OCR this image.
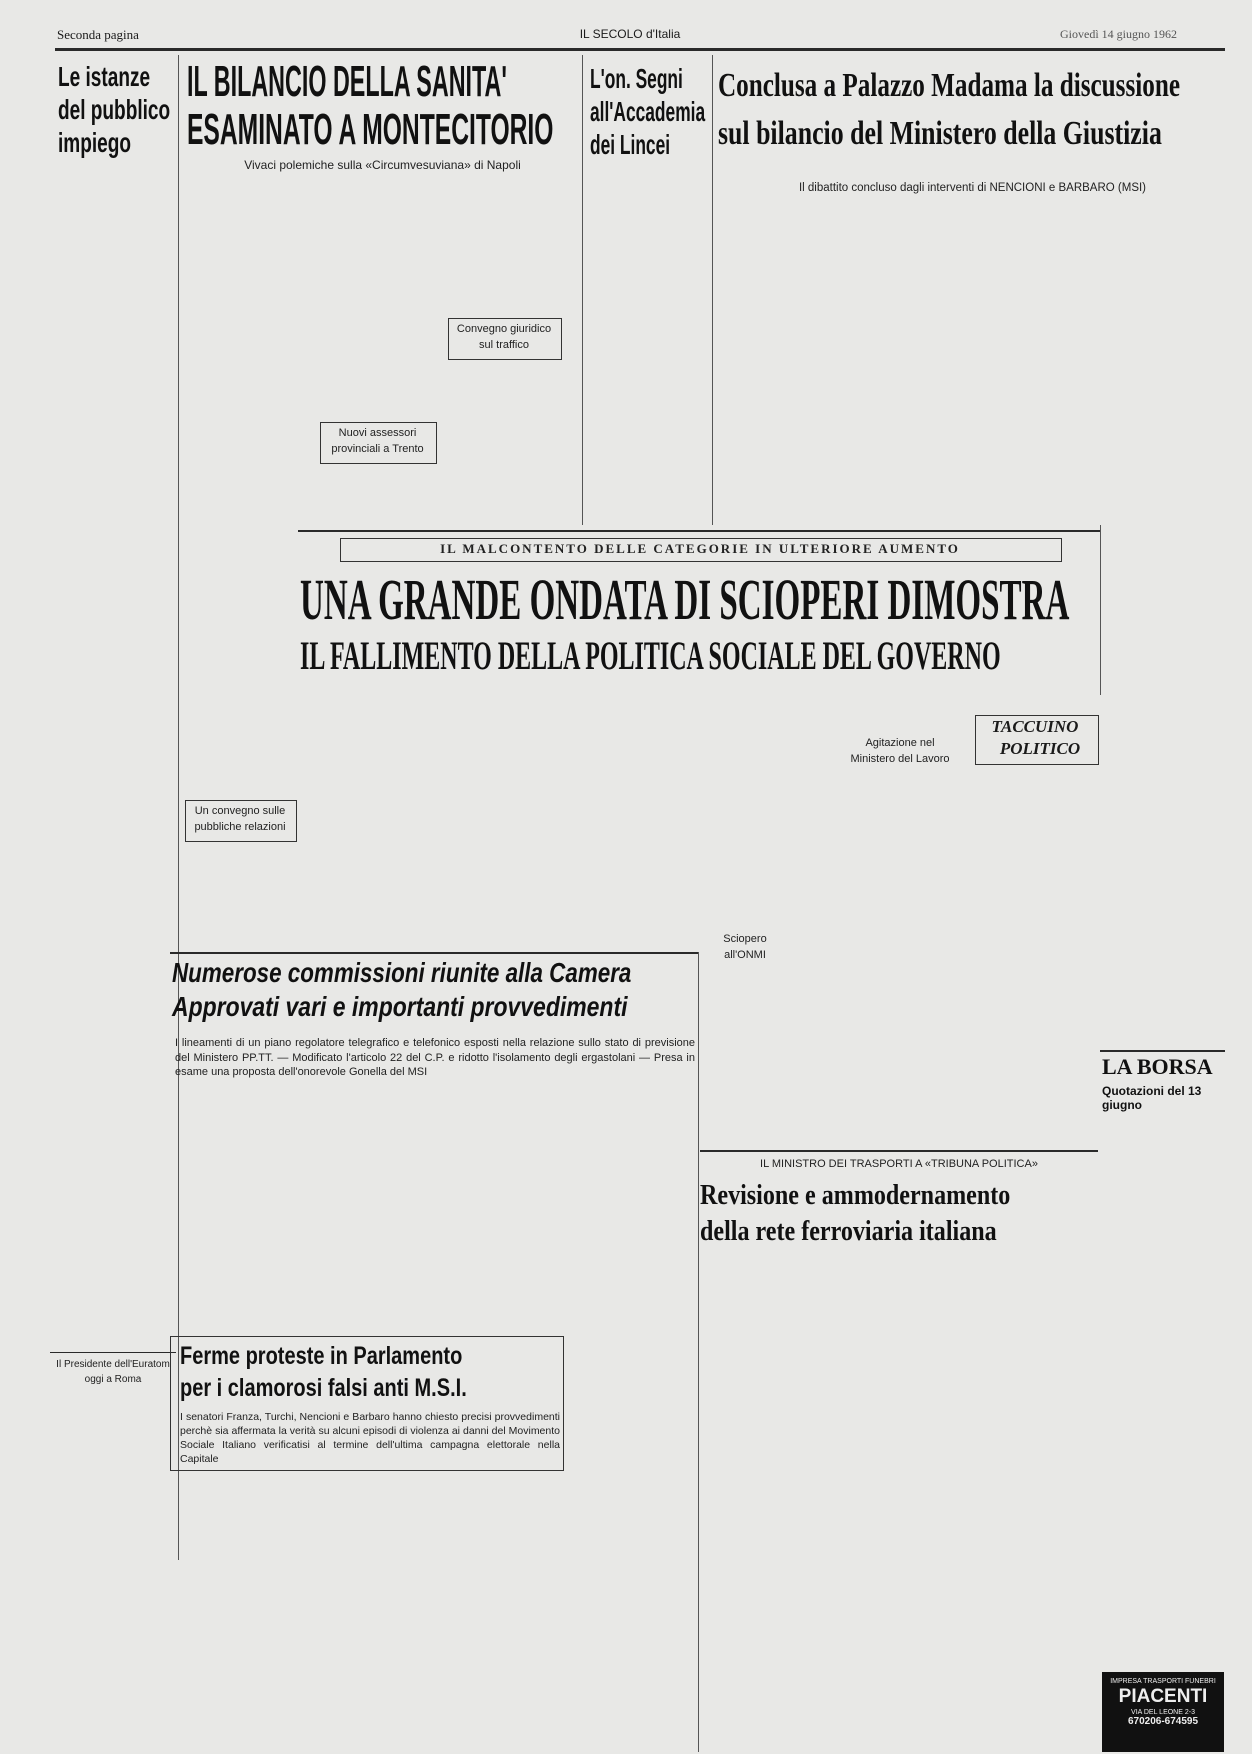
Seconda pagina	IL SECOLO d'Italia	Giovedì 14 giugno 1962
Le istanze
del pubblico
impiego
IL BILANCIO DELLA SANITA'
ESAMINATO A MONTECITORIO
Vivaci polemiche sulla «Circumvesuviana» di Napoli
Convegno giuridico
sul traffico
Nuovi assessori
provinciali a Trento
L'on. Segni
all'Accademia
dei Lincei
Conclusa a Palazzo Madama la discussione
sul bilancio del Ministero della Giustizia
Il dibattito concluso dagli interventi di NENCIONI e BARBARO (MSI)
IL MALCONTENTO DELLE CATEGORIE IN ULTERIORE AUMENTO
UNA GRANDE ONDATA DI SCIOPERI DIMOSTRA
IL FALLIMENTO DELLA POLITICA SOCIALE DEL GOVERNO
Un convegno sulle
pubbliche relazioni
Agitazione nel
Ministero del Lavoro
Sciopero
all'ONMI
TACCUINO
POLITICO
Numerose commissioni riunite alla Camera
Approvati vari e importanti provvedimenti
I lineamenti di un piano regolatore telegrafico e telefonico esposti nella relazione sullo stato di previsione del Ministero PP.TT. — Modificato l'articolo 22 del C.P. e ridotto l'isolamento degli ergastolani — Presa in esame una proposta dell'onorevole Gonella del MSI	LA BORSA
Quotazioni del 13 giugno
IL MINISTRO DEI TRASPORTI A «TRIBUNA POLITICA»
Revisione e ammodernamento
della rete ferroviaria italiana
Il Presidente dell'Euratom
oggi a Roma
Ferme proteste in Parlamento
per i clamorosi falsi anti M.S.I.
I senatori Franza, Turchi, Nencioni e Barbaro hanno chiesto precisi provvedimenti perchè sia affermata la verità su alcuni episodi di violenza ai danni del Movimento Sociale Italiano verificatisi al termine dell'ultima campagna elettorale nella Capitale
IMPRESA TRASPORTI FUNEBRI
PIACENTI
VIA DEL LEONE 2-3
670206-674595
